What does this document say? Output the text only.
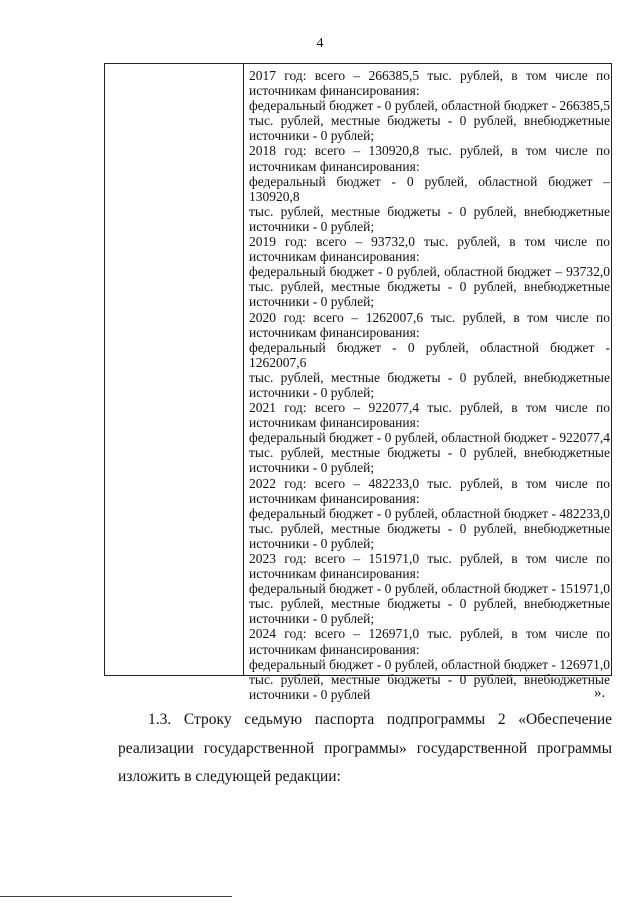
4

2017 год: всего – 266385,5 тыс. рублей, в том числе по

источникам финансирования:

федеральный бюджет - 0 рублей, областной бюджет - 266385,5

тыс. рублей, местные бюджеты - 0 рублей, внебюджетные

источники - 0 рублей;

2018 год: всего – 130920,8 тыс. рублей, в том числе по

источникам финансирования:

федеральный бюджет - 0 рублей, областной бюджет – 130920,8

тыс. рублей, местные бюджеты - 0 рублей, внебюджетные

источники - 0 рублей;

2019 год: всего – 93732,0 тыс. рублей, в том числе по

источникам финансирования:

федеральный бюджет - 0 рублей, областной бюджет – 93732,0

тыс. рублей, местные бюджеты - 0 рублей, внебюджетные

источники - 0 рублей;

2020 год: всего – 1262007,6 тыс. рублей, в том числе по

источникам финансирования:

федеральный бюджет - 0 рублей, областной бюджет - 1262007,6

тыс. рублей, местные бюджеты - 0 рублей, внебюджетные

источники - 0 рублей;

2021 год: всего – 922077,4 тыс. рублей, в том числе по

источникам финансирования:

федеральный бюджет - 0 рублей, областной бюджет - 922077,4

тыс. рублей, местные бюджеты - 0 рублей, внебюджетные

источники - 0 рублей;

2022 год: всего – 482233,0 тыс. рублей, в том числе по

источникам финансирования:

федеральный бюджет - 0 рублей, областной бюджет - 482233,0

тыс. рублей, местные бюджеты - 0 рублей, внебюджетные

источники - 0 рублей;

2023 год: всего – 151971,0 тыс. рублей, в том числе по

источникам финансирования:

федеральный бюджет - 0 рублей, областной бюджет - 151971,0

тыс. рублей, местные бюджеты - 0 рублей, внебюджетные

источники - 0 рублей;

2024 год: всего – 126971,0 тыс. рублей, в том числе по

источникам финансирования:

федеральный бюджет - 0 рублей, областной бюджет - 126971,0

тыс. рублей, местные бюджеты - 0 рублей, внебюджетные

источники - 0 рублей	».
1.3. Строку седьмую паспорта подпрограммы 2 «Обеспечение
реализации государственной программы» государственной программы
изложить в следующей редакции:
